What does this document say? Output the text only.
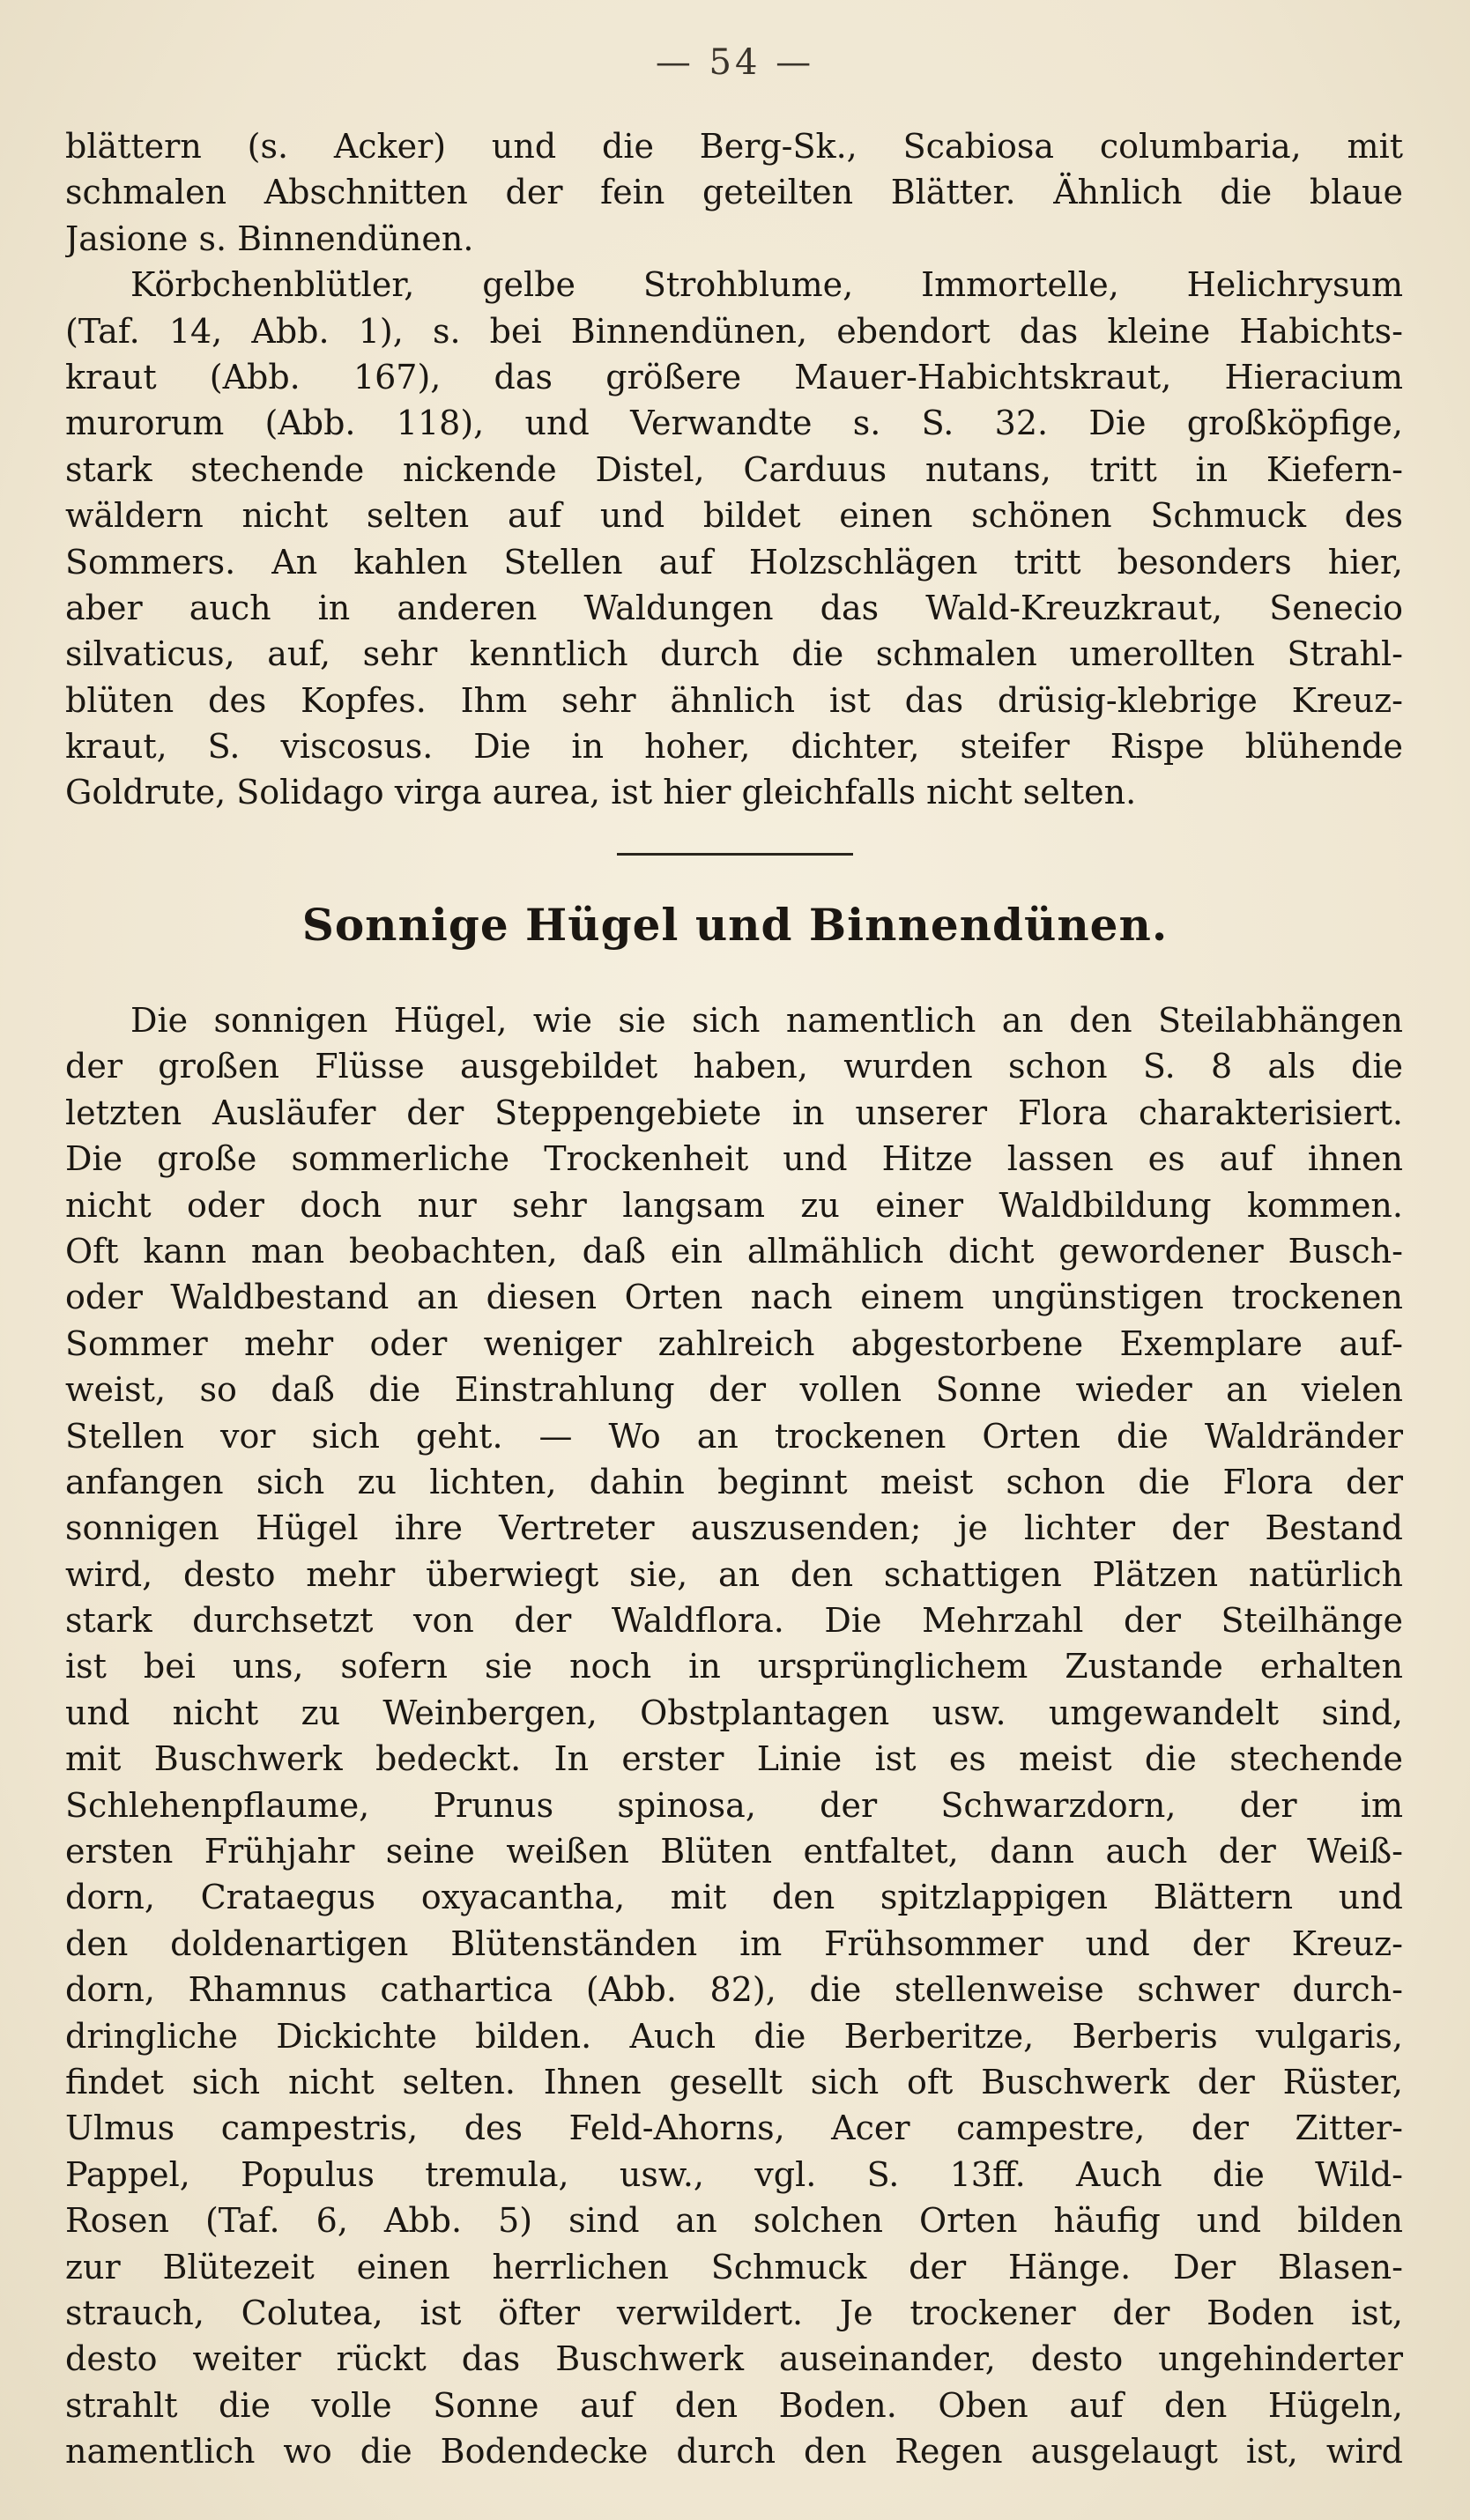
— 54 —
blättern (s. Acker) und die Berg-Sk., Scabiosa columbaria, mit
schmalen Abschnitten der fein geteilten Blätter. Ähnlich die blaue
Jasione s. Binnendünen.
Körbchenblütler, gelbe Strohblume, Immortelle, Helichrysum
(Taf. 14, Abb. 1), s. bei Binnendünen, ebendort das kleine Habichts-
kraut (Abb. 167), das größere Mauer-Habichtskraut, Hieracium
murorum (Abb. 118), und Verwandte s. S. 32. Die großköpfige,
stark stechende nickende Distel, Carduus nutans, tritt in Kiefern-
wäldern nicht selten auf und bildet einen schönen Schmuck des
Sommers. An kahlen Stellen auf Holzschlägen tritt besonders hier,
aber auch in anderen Waldungen das Wald-Kreuzkraut, Senecio
silvaticus, auf, sehr kenntlich durch die schmalen umerollten Strahl-
blüten des Kopfes. Ihm sehr ähnlich ist das drüsig-klebrige Kreuz-
kraut, S. viscosus. Die in hoher, dichter, steifer Rispe blühende
Goldrute, Solidago virga aurea, ist hier gleichfalls nicht selten.
Sonnige Hügel und Binnendünen.
Die sonnigen Hügel, wie sie sich namentlich an den Steilabhängen
der großen Flüsse ausgebildet haben, wurden schon S. 8 als die
letzten Ausläufer der Steppengebiete in unserer Flora charakterisiert.
Die große sommerliche Trockenheit und Hitze lassen es auf ihnen
nicht oder doch nur sehr langsam zu einer Waldbildung kommen.
Oft kann man beobachten, daß ein allmählich dicht gewordener Busch-
oder Waldbestand an diesen Orten nach einem ungünstigen trockenen
Sommer mehr oder weniger zahlreich abgestorbene Exemplare auf-
weist, so daß die Einstrahlung der vollen Sonne wieder an vielen
Stellen vor sich geht. — Wo an trockenen Orten die Waldränder
anfangen sich zu lichten, dahin beginnt meist schon die Flora der
sonnigen Hügel ihre Vertreter auszusenden; je lichter der Bestand
wird, desto mehr überwiegt sie, an den schattigen Plätzen natürlich
stark durchsetzt von der Waldflora. Die Mehrzahl der Steilhänge
ist bei uns, sofern sie noch in ursprünglichem Zustande erhalten
und nicht zu Weinbergen, Obstplantagen usw. umgewandelt sind,
mit Buschwerk bedeckt. In erster Linie ist es meist die stechende
Schlehenpflaume, Prunus spinosa, der Schwarzdorn, der im
ersten Frühjahr seine weißen Blüten entfaltet, dann auch der Weiß-
dorn, Crataegus oxyacantha, mit den spitzlappigen Blättern und
den doldenartigen Blütenständen im Frühsommer und der Kreuz-
dorn, Rhamnus cathartica (Abb. 82), die stellenweise schwer durch-
dringliche Dickichte bilden. Auch die Berberitze, Berberis vulgaris,
findet sich nicht selten. Ihnen gesellt sich oft Buschwerk der Rüster,
Ulmus campestris, des Feld-Ahorns, Acer campestre, der Zitter-
Pappel, Populus tremula, usw., vgl. S. 13ff. Auch die Wild-
Rosen (Taf. 6, Abb. 5) sind an solchen Orten häufig und bilden
zur Blütezeit einen herrlichen Schmuck der Hänge. Der Blasen-
strauch, Colutea, ist öfter verwildert. Je trockener der Boden ist,
desto weiter rückt das Buschwerk auseinander, desto ungehinderter
strahlt die volle Sonne auf den Boden. Oben auf den Hügeln,
namentlich wo die Bodendecke durch den Regen ausgelaugt ist, wird
